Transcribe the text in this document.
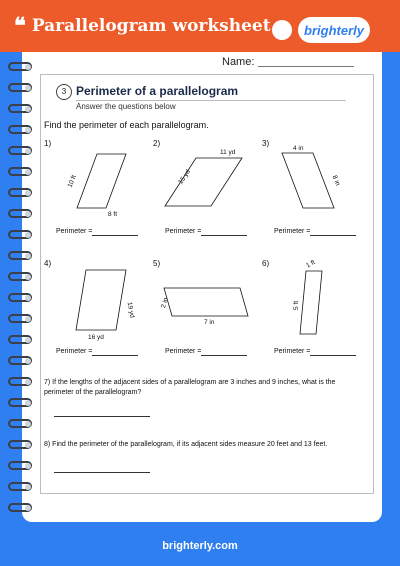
❝ Parallelogram worksheet	brighterly
Name:
3 Perimeter of a parallelogram
Answer the questions below
Find the perimeter of each parallelogram.
1)	2)	3)
4)	5)	6)
10 ft
8 ft
11 yd
15 yd
4 in
8 in
19 yd
16 yd
2 in
7 in
1 ft
5 ft
Perimeter =	Perimeter =	Perimeter =
Perimeter =	Perimeter =	Perimeter =
7) If the lengths of the adjacent sides of a parallelogram are 3 inches and 9 inches, what is the perimeter of the parallelogram?
8) Find the perimeter of the parallelogram, if its adjacent sides measure 20 feet and 13 feet.
brighterly.com
